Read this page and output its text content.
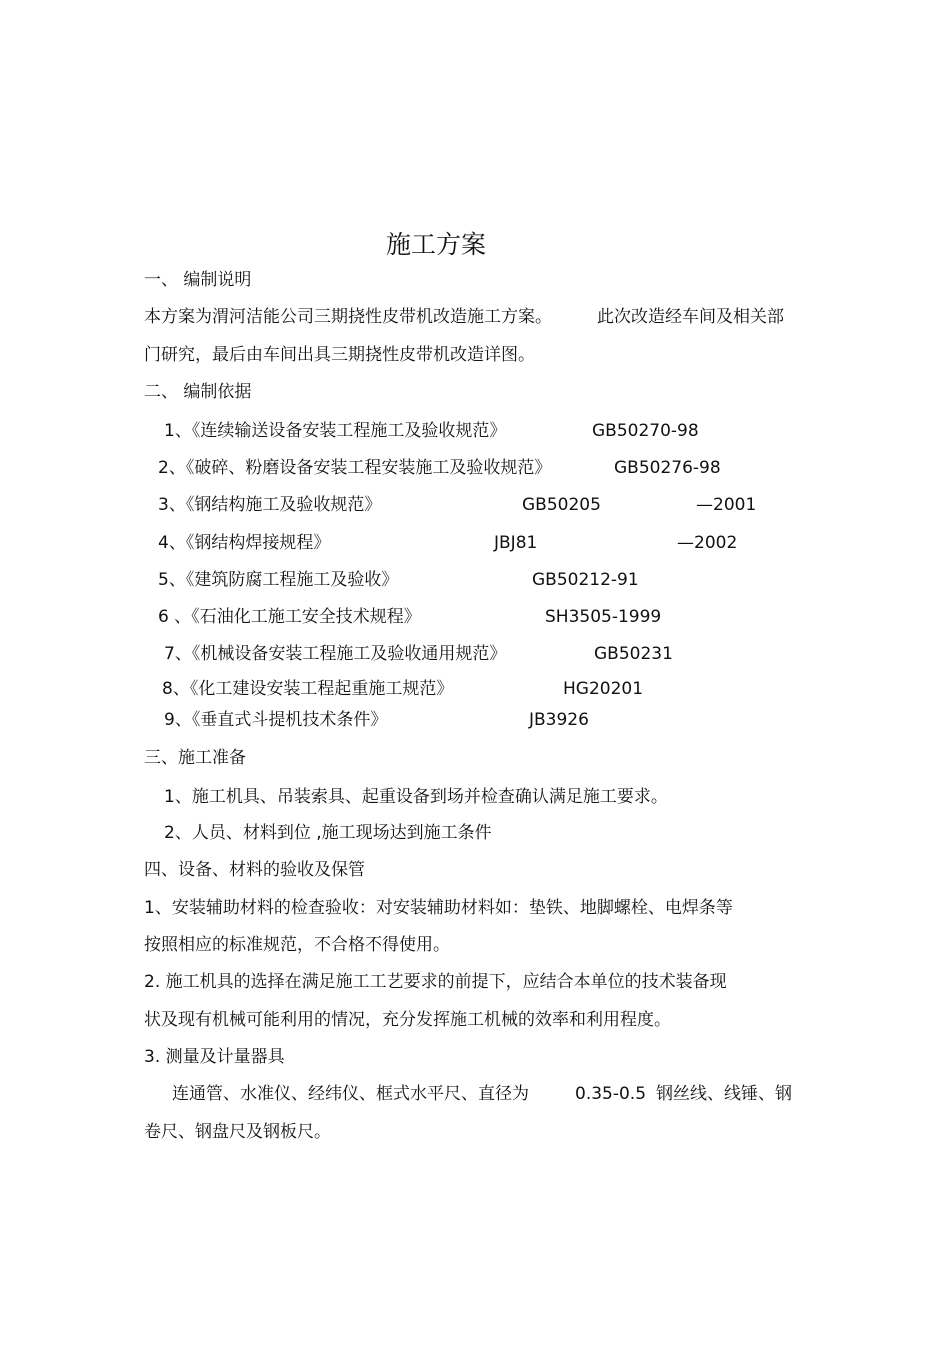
施工方案
一、 编制说明
本方案为渭河洁能公司三期挠性皮带机改造施工方案。	此次改造经车间及相关部
门研究，最后由车间出具三期挠性皮带机改造详图。
二、 编制依据
1、《连续输送设备安装工程施工及验收规范》	GB50270-98
2、《破碎、粉磨设备安装工程安装施工及验收规范》	GB50276-98
3、《钢结构施工及验收规范》	GB50205	—2001
4、《钢结构焊接规程》	JBJ81	—2002
5、《建筑防腐工程施工及验收》	GB50212-91
6 、《石油化工施工安全技术规程》	SH3505-1999
7、《机械设备安装工程施工及验收通用规范》	GB50231
8、《化工建设安装工程起重施工规范》	HG20201
9、《垂直式斗提机技术条件》	JB3926
三、施工准备
1、施工机具、吊装索具、起重设备到场并检查确认满足施工要求。
2、人员、材料到位 ,施工现场达到施工条件
四、设备、材料的验收及保管
1、安装辅助材料的检查验收：对安装辅助材料如：垫铁、地脚螺栓、电焊条等
按照相应的标准规范，不合格不得使用。
2. 施工机具的选择在满足施工工艺要求的前提下，应结合本单位的技术装备现
状及现有机械可能利用的情况，充分发挥施工机械的效率和利用程度。
3. 测量及计量器具
连通管、水准仪、经纬仪、框式水平尺、直径为	0.35-0.5 钢丝线、线锤、钢
卷尺、钢盘尺及钢板尺。
